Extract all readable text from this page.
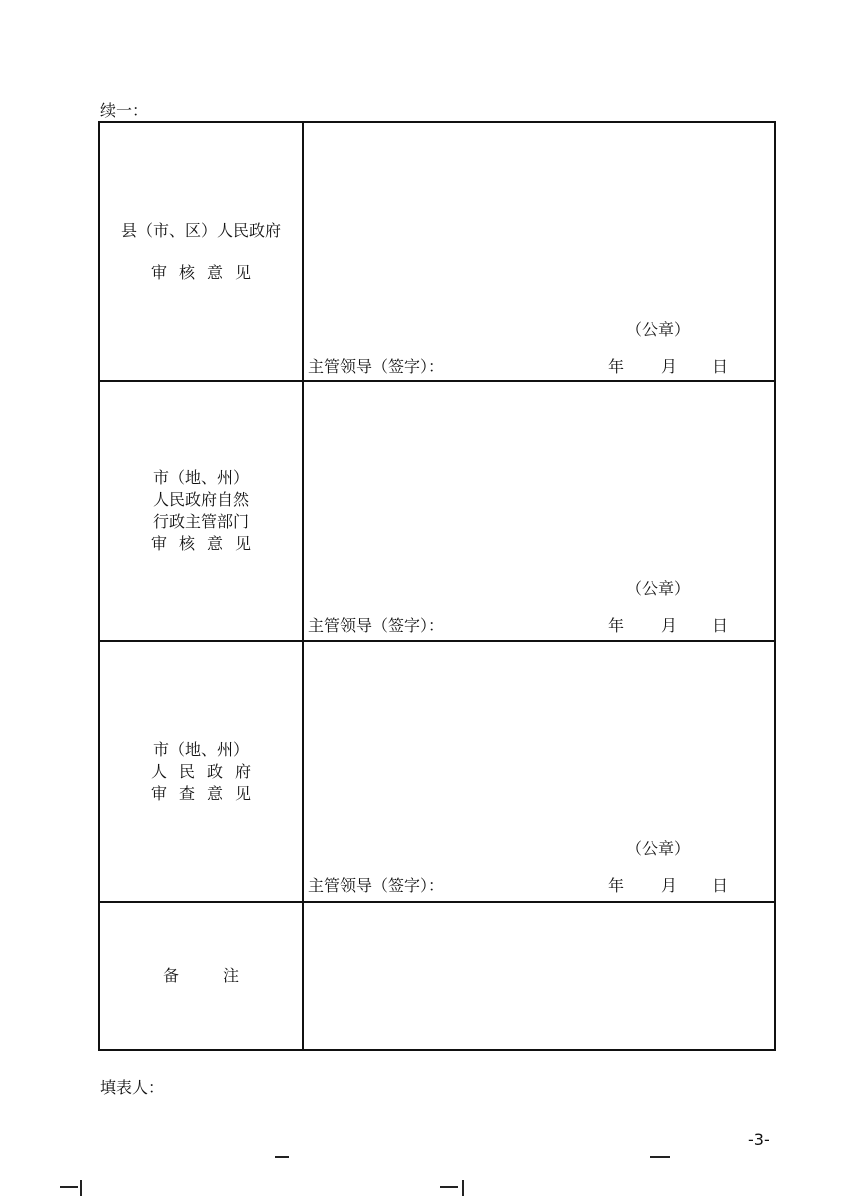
续一：
县（市、区）人民政府
审核意见	（公章）
主管领导（签字）： 年 月 日

市（地、州）
人民政府自然
行政主管部门
审核意见	（公章）
主管领导（签字）： 年 月 日

市（地、州）
人民政府
审查意见	（公章）
主管领导（签字）： 年 月 日

备注	

填表人：
-3-
